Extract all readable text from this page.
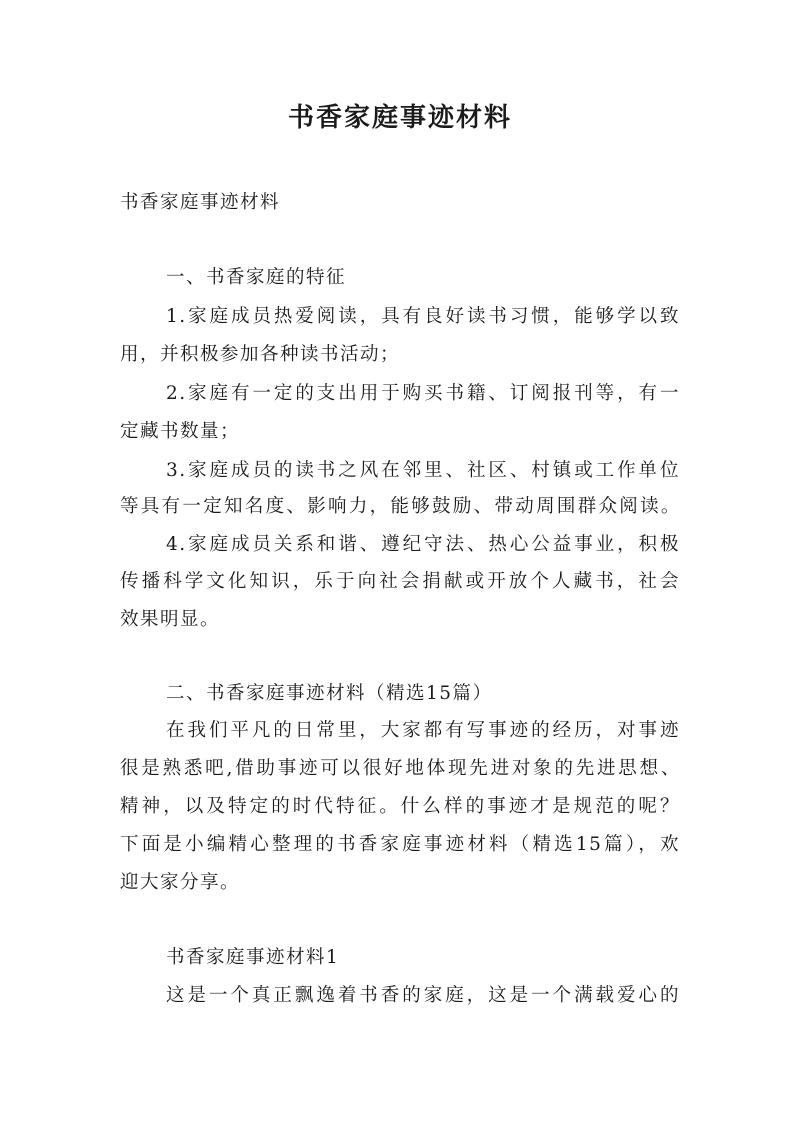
书香家庭事迹材料
书香家庭事迹材料
一、书香家庭的特征
1.家庭成员热爱阅读，具有良好读书习惯，能够学以致
用，并积极参加各种读书活动；
2.家庭有一定的支出用于购买书籍、订阅报刊等，有一
定藏书数量；
3.家庭成员的读书之风在邻里、社区、村镇或工作单位
等具有一定知名度、影响力，能够鼓励、带动周围群众阅读。
4.家庭成员关系和谐、遵纪守法、热心公益事业，积极
传播科学文化知识，乐于向社会捐献或开放个人藏书，社会
效果明显。
二、书香家庭事迹材料（精选15篇）
在我们平凡的日常里，大家都有写事迹的经历，对事迹
很是熟悉吧,借助事迹可以很好地体现先进对象的先进思想、
精神，以及特定的时代特征。什么样的事迹才是规范的呢？
下面是小编精心整理的书香家庭事迹材料（精选15篇），欢
迎大家分享。
书香家庭事迹材料1
这是一个真正飘逸着书香的家庭，这是一个满载爱心的
